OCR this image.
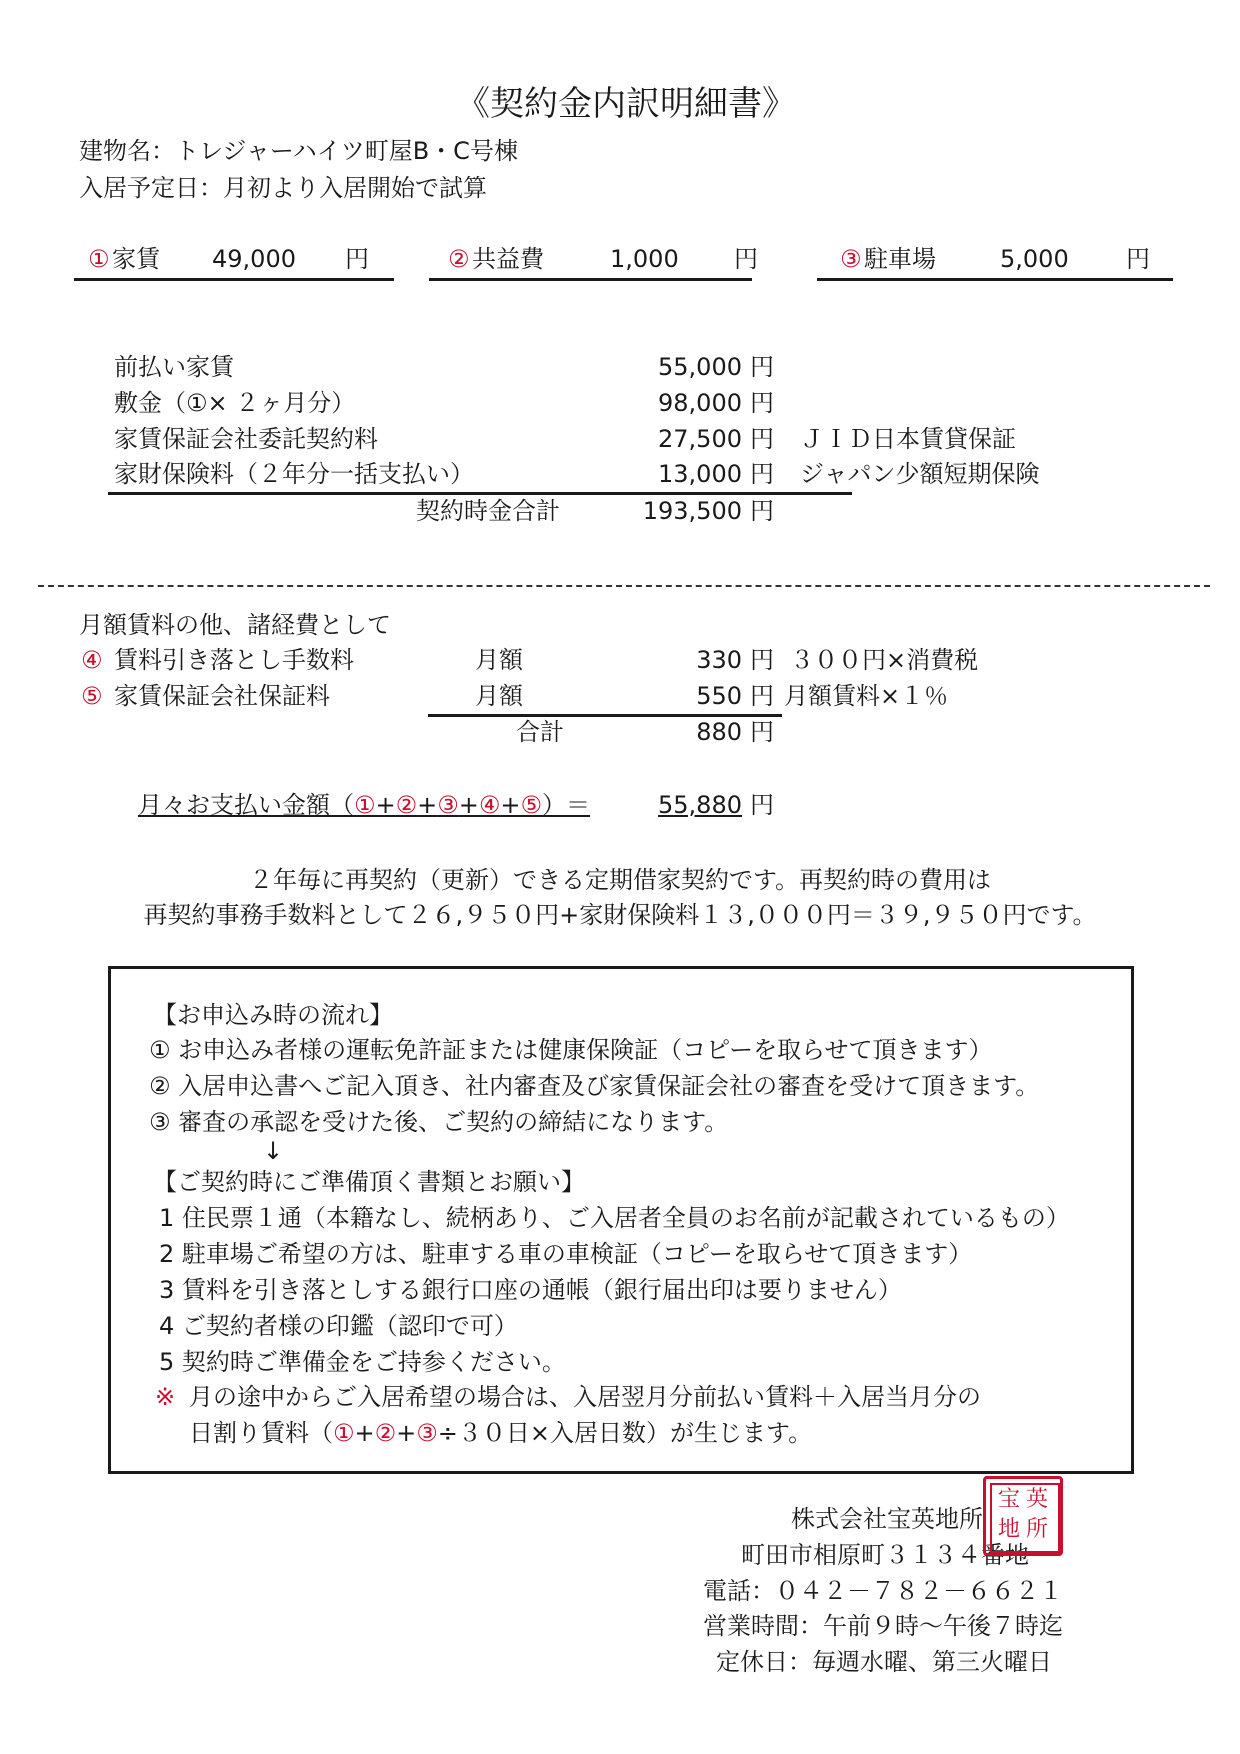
《契約金内訳明細書》
建物名：トレジャーハイツ町屋B・C号棟
入居予定日：月初より入居開始で試算
① 家賃 49,000 円	② 共益費	1,000 円	③ 駐車場	5,000 円
前払い家賃	55,000 円
敷金（①× ２ヶ月分）	98,000 円
家賃保証会社委託契約料	27,500 円 ＪＩＤ日本賃貸保証
家財保険料（２年分一括支払い）	13,000 円 ジャパン少額短期保険
契約時金合計	193,500 円
月額賃料の他、諸経費として
④ 賃料引き落とし手数料	月額	330 円 ３００円×消費税
⑤ 家賃保証会社保証料	月額	550 円 月額賃料×１％
合計	880 円
月々お支払い金額（①+②+③+④+⑤）＝	55,880 円
２年毎に再契約（更新）できる定期借家契約です。再契約時の費用は
再契約事務手数料として２６,９５０円+家財保険料１３,０００円＝３９,９５０円です。
【お申込み時の流れ】
① お申込み者様の運転免許証または健康保険証（コピーを取らせて頂きます）
② 入居申込書へご記入頂き、社内審査及び家賃保証会社の審査を受けて頂きます。
③ 審査の承認を受けた後、ご契約の締結になります。
↓
【ご契約時にご準備頂く書類とお願い】
1 住民票１通（本籍なし、続柄あり、ご入居者全員のお名前が記載されているもの）
2 駐車場ご希望の方は、駐車する車の車検証（コピーを取らせて頂きます）
3 賃料を引き落としする銀行口座の通帳（銀行届出印は要りません）
4 ご契約者様の印鑑（認印で可）
5 契約時ご準備金をご持参ください。
※ 月の途中からご入居希望の場合は、入居翌月分前払い賃料＋入居当月分の
日割り賃料（①+②+③÷３０日×入居日数）が生じます。
株式会社宝英地所
町田市相原町３１３４番地
電話：０４２－７８２－６６２１
営業時間：午前９時～午後７時迄
定休日：毎週水曜、第三火曜日
宝 英
地 所
